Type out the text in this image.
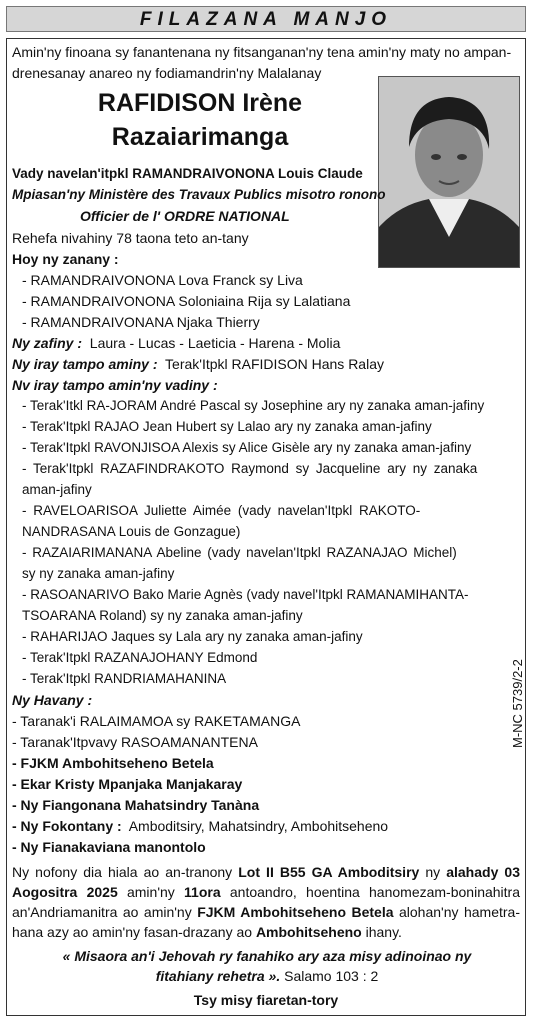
FILAZANA MANJO
Amin'ny finoana sy fanantenana ny fitsanganan'ny tena amin'ny maty no ampan-
drenesanay anareo ny fodiamandrin'ny Malalanay
RAFIDISON Irène
Razaiarimanga
Vady navelan'itpkl RAMANDRAIVONONA Louis Claude
Mpiasan'ny Ministère des Travaux Publics misotro ronono
Officier de l' ORDRE NATIONAL
Rehefa nivahiny 78 taona teto an-tany
Hoy ny zanany :
- RAMANDRAIVONONA Lova Franck sy Liva
- RAMANDRAIVONONA Soloniaina Rija sy Lalatiana
- RAMANDRAIVONANA Njaka Thierry
Ny zafiny : Laura - Lucas - Laeticia - Harena - Molia
Ny iray tampo aminy : Terak'Itpkl RAFIDISON Hans Ralay
Nv iray tampo amin'ny vadiny :
- Terak'Itkl RA-JORAM André Pascal sy Josephine ary ny zanaka aman-jafiny
- Terak'Itpkl RAJAO Jean Hubert sy Lalao ary ny zanaka aman-jafiny
- Terak'Itpkl RAVONJISOA Alexis sy Alice Gisèle ary ny zanaka aman-jafiny
- Terak'Itpkl RAZAFINDRAKOTO Raymond sy Jacqueline ary ny zanaka
aman-jafiny
- RAVELOARISOA Juliette Aimée (vady navelan'Itpkl RAKOTO-
NANDRASANA Louis de Gonzague)
- RAZAIARIMANANA Abeline (vady navelan'Itpkl RAZANAJAO Michel)
sy ny zanaka aman-jafiny
- RASOANARIVO Bako Marie Agnès (vady navel'Itpkl RAMANAMIHANTA-
TSOARANA Roland) sy ny zanaka aman-jafiny
- RAHARIJAO Jaques sy Lala ary ny zanaka aman-jafiny
- Terak'Itpkl RAZANAJOHANY Edmond
- Terak'Itpkl RANDRIAMAHANINA
Ny Havany :
- Taranak'i RALAIMAMOA sy RAKETAMANGA
- Taranak'Itpvavy RASOAMANANTENA
- FJKM Ambohitseheno Betela
- Ekar Kristy Mpanjaka Manjakaray
- Ny Fiangonana Mahatsindry Tanàna
- Ny Fokontany : Amboditsiry, Mahatsindry, Ambohitseheno
- Ny Fianakaviana manontolo
M-NC 5739/2-2
Ny nofony dia hiala ao an-tranony Lot II B55 GA Amboditsiry ny alahady 03 Aogositra 2025 amin'ny 11ora antoandro, hoentina hanomezam-boninahitra an'Andriamanitra ao amin'ny FJKM Ambohitseheno Betela alohan'ny hametra-hana azy ao amin'ny fasan-drazany ao Ambohitseheno ihany.
« Misaora an'i Jehovah ry fanahiko ary aza misy adinoinao ny fitahiany rehetra ». Salamo 103 : 2
Tsy misy fiaretan-tory
